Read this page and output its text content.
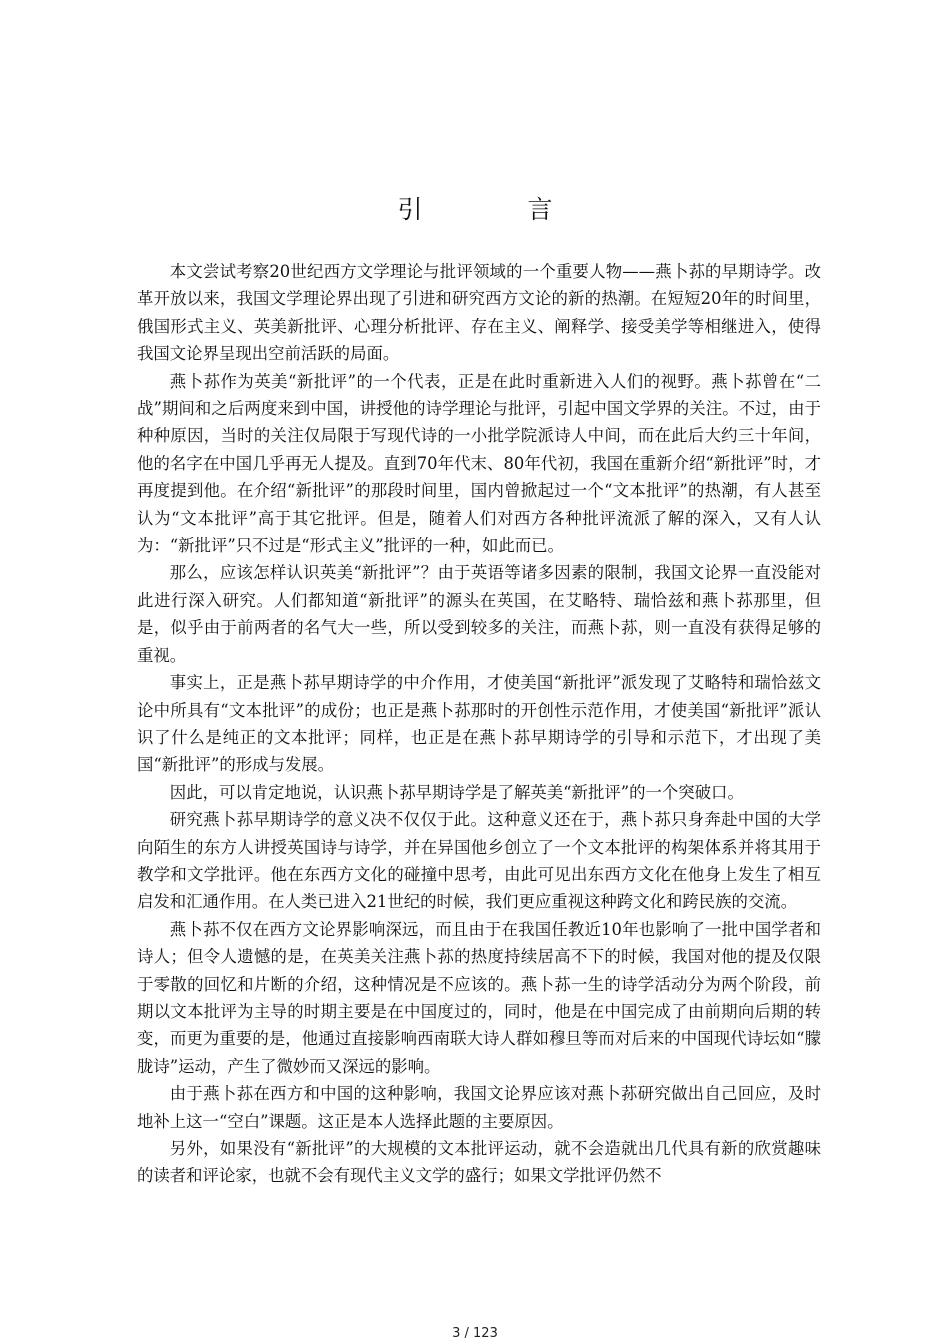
引　言

本文尝试考察20世纪西方文学理论与批评领域的一个重要人物——燕卜荪的早期诗学。改革开放以来，我国文学理论界出现了引进和研究西方文论的新的热潮。在短短20年的时间里，俄国形式主义、英美新批评、心理分析批评、存在主义、阐释学、接受美学等相继进入，使得我国文论界呈现出空前活跃的局面。

燕卜荪作为英美“新批评”的一个代表，正是在此时重新进入人们的视野。燕卜荪曾在“二战”期间和之后两度来到中国，讲授他的诗学理论与批评，引起中国文学界的关注。不过，由于种种原因，当时的关注仅局限于写现代诗的一小批学院派诗人中间，而在此后大约三十年间，他的名字在中国几乎再无人提及。直到70年代末、80年代初，我国在重新介绍“新批评”时，才再度提到他。在介绍“新批评”的那段时间里，国内曾掀起过一个“文本批评”的热潮，有人甚至认为“文本批评”高于其它批评。但是，随着人们对西方各种批评流派了解的深入，又有人认为：“新批评”只不过是“形式主义”批评的一种，如此而已。

那么，应该怎样认识英美“新批评”？由于英语等诸多因素的限制，我国文论界一直没能对此进行深入研究。人们都知道“新批评”的源头在英国，在艾略特、瑞恰兹和燕卜荪那里，但是，似乎由于前两者的名气大一些，所以受到较多的关注，而燕卜荪，则一直没有获得足够的重视。

事实上，正是燕卜荪早期诗学的中介作用，才使美国“新批评”派发现了艾略特和瑞恰兹文论中所具有“文本批评”的成份；也正是燕卜荪那时的开创性示范作用，才使美国“新批评”派认识了什么是纯正的文本批评；同样，也正是在燕卜荪早期诗学的引导和示范下，才出现了美国“新批评”的形成与发展。

因此，可以肯定地说，认识燕卜荪早期诗学是了解英美“新批评”的一个突破口。

研究燕卜荪早期诗学的意义决不仅仅于此。这种意义还在于，燕卜荪只身奔赴中国的大学向陌生的东方人讲授英国诗与诗学，并在异国他乡创立了一个文本批评的构架体系并将其用于教学和文学批评。他在东西方文化的碰撞中思考，由此可见出东西方文化在他身上发生了相互启发和汇通作用。在人类已进入21世纪的时候，我们更应重视这种跨文化和跨民族的交流。

燕卜荪不仅在西方文论界影响深远，而且由于在我国任教近10年也影响了一批中国学者和诗人；但令人遗憾的是，在英美关注燕卜荪的热度持续居高不下的时候，我国对他的提及仅限于零散的回忆和片断的介绍，这种情况是不应该的。燕卜荪一生的诗学活动分为两个阶段，前期以文本批评为主导的时期主要是在中国度过的，同时，他是在中国完成了由前期向后期的转变，而更为重要的是，他通过直接影响西南联大诗人群如穆旦等而对后来的中国现代诗坛如“朦胧诗”运动，产生了微妙而又深远的影响。

由于燕卜荪在西方和中国的这种影响，我国文论界应该对燕卜荪研究做出自己回应，及时地补上这一“空白”课题。这正是本人选择此题的主要原因。

另外，如果没有“新批评”的大规模的文本批评运动，就不会造就出几代具有新的欣赏趣味的读者和评论家，也就不会有现代主义文学的盛行；如果文学批评仍然不

3 / 123
